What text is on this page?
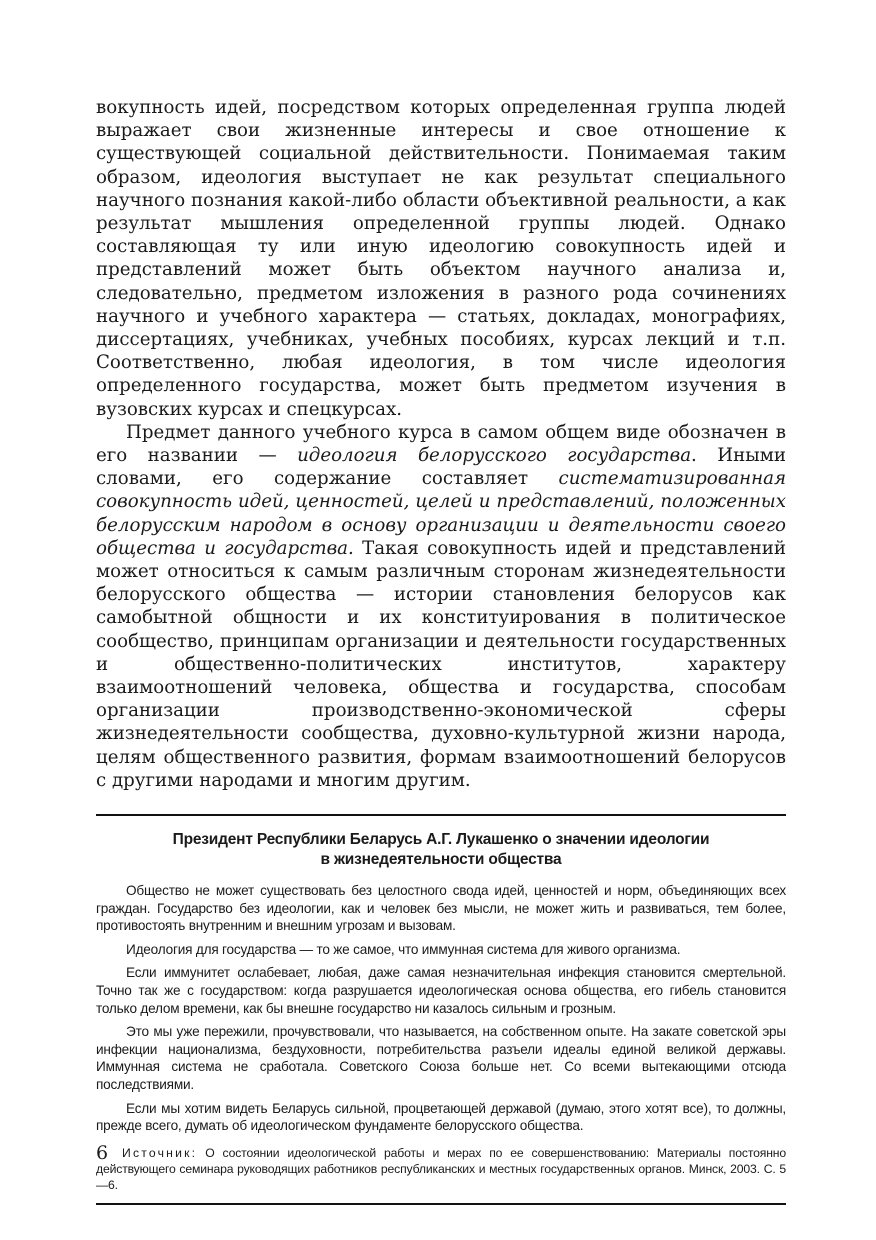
вокупность идей, посредством которых определенная группа людей выражает свои жизненные интересы и свое отношение к существующей социальной действительности. Понимаемая таким образом, идеология выступает не как результат специального научного познания какой-либо области объективной реальности, а как результат мышления определенной группы людей. Однако составляющая ту или иную идеологию совокупность идей и представлений может быть объектом научного анализа и, следовательно, предметом изложения в разного рода сочинениях научного и учебного характера — статьях, докладах, монографиях, диссертациях, учебниках, учебных пособиях, курсах лекций и т.п. Соответственно, любая идеология, в том числе идеология определенного государства, может быть предметом изучения в вузовских курсах и спецкурсах.

Предмет данного учебного курса в самом общем виде обозначен в его названии — идеология белорусского государства. Иными словами, его содержание составляет систематизированная совокупность идей, ценностей, целей и представлений, положенных белорусским народом в основу организации и деятельности своего общества и государства. Такая совокупность идей и представлений может относиться к самым различным сторонам жизнедеятельности белорусского общества — истории становления белорусов как самобытной общности и их конституирования в политическое сообщество, принципам организации и деятельности государственных и общественно-политических институтов, характеру взаимоотношений человека, общества и государства, способам организации производственно-экономической сферы жизнедеятельности сообщества, духовно-культурной жизни народа, целям общественного развития, формам взаимоотношений белорусов с другими народами и многим другим.

Президент Республики Беларусь А.Г. Лукашенко о значении идеологии
в жизнедеятельности общества

Общество не может существовать без целостного свода идей, ценностей и норм, объединяющих всех граждан. Государство без идеологии, как и человек без мысли, не может жить и развиваться, тем более, противостоять внутренним и внешним угрозам и вызовам.

Идеология для государства — то же самое, что иммунная система для живого организма.

Если иммунитет ослабевает, любая, даже самая незначительная инфекция становится смертельной. Точно так же с государством: когда разрушается идеологическая основа общества, его гибель становится только делом времени, как бы внешне государство ни казалось сильным и грозным.

Это мы уже пережили, прочувствовали, что называется, на собственном опыте. На закате советской эры инфекции национализма, бездуховности, потребительства разъели идеалы единой великой державы. Иммунная система не сработала. Советского Союза больше нет. Со всеми вытекающими отсюда последствиями.

Если мы хотим видеть Беларусь сильной, процветающей державой (думаю, этого хотят все), то должны, прежде всего, думать об идеологическом фундаменте белорусского общества.

Источник: О состоянии идеологической работы и мерах по ее совершенствованию: Материалы постоянно действующего семинара руководящих работников республиканских и местных государственных органов. Минск, 2003. С. 5—6.
6
